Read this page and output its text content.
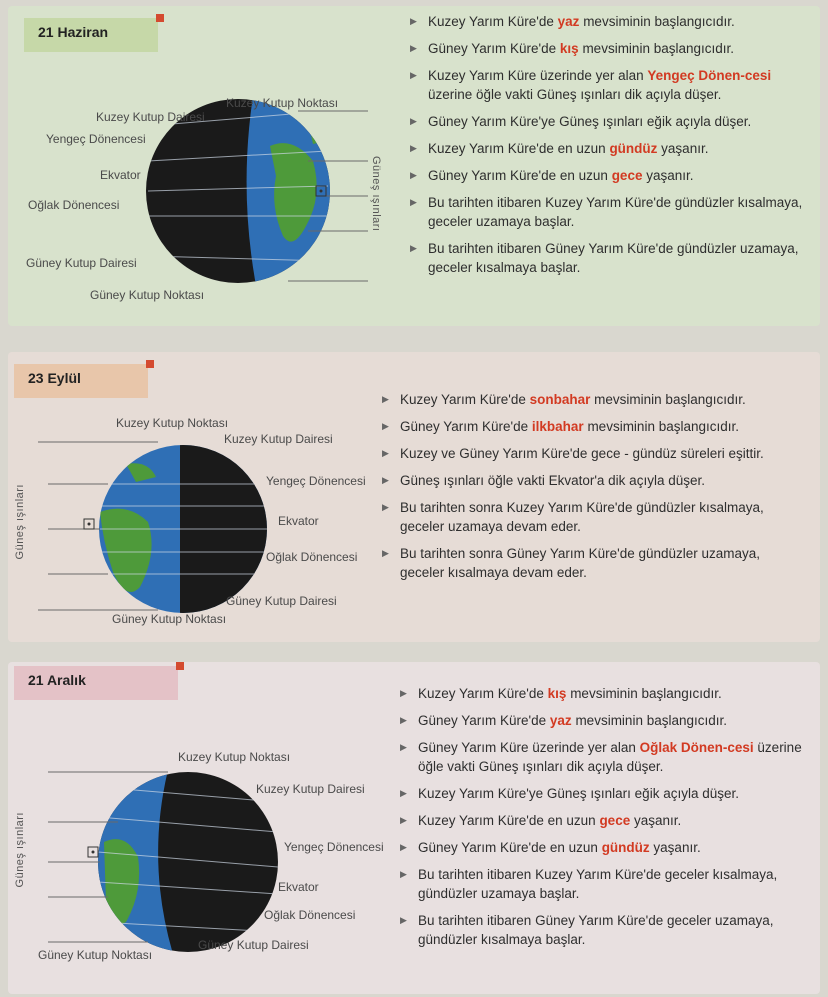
21 Haziran
Kuzey Kutup Noktası
Kuzey Kutup Dairesi
Yengeç Dönencesi
Ekvator
Oğlak Dönencesi
Güney Kutup Dairesi
Güney Kutup Noktası
Güneş ışınları
▶ Kuzey Yarım Küre'de yaz mevsiminin başlangıcıdır.
▶ Güney Yarım Küre'de kış mevsiminin başlangıcıdır.
▶ Kuzey Yarım Küre üzerinde yer alan Yengeç Dönen-cesi üzerine öğle vakti Güneş ışınları dik açıyla düşer.
▶ Güney Yarım Küre'ye Güneş ışınları eğik açıyla düşer.
▶ Kuzey Yarım Küre'de en uzun gündüz yaşanır.
▶ Güney Yarım Küre'de en uzun gece yaşanır.
▶ Bu tarihten itibaren Kuzey Yarım Küre'de gündüzler kısalmaya, geceler uzamaya başlar.
▶ Bu tarihten itibaren Güney Yarım Küre'de gündüzler uzamaya, geceler kısalmaya başlar.
23 Eylül
Kuzey Kutup Noktası
Kuzey Kutup Dairesi
Yengeç Dönencesi
Ekvator
Oğlak Dönencesi
Güney Kutup Dairesi
Güney Kutup Noktası
Güneş ışınları
▶ Kuzey Yarım Küre'de sonbahar mevsiminin başlangıcıdır.
▶ Güney Yarım Küre'de ilkbahar mevsiminin başlangıcıdır.
▶ Kuzey ve Güney Yarım Küre'de gece - gündüz süreleri eşittir.
▶ Güneş ışınları öğle vakti Ekvator'a dik açıyla düşer.
▶ Bu tarihten sonra Kuzey Yarım Küre'de gündüzler kısalmaya, geceler uzamaya devam eder.
▶ Bu tarihten sonra Güney Yarım Küre'de gündüzler uzamaya, geceler kısalmaya devam eder.
21 Aralık
Kuzey Kutup Noktası
Kuzey Kutup Dairesi
Yengeç Dönencesi
Ekvator
Oğlak Dönencesi
Güney Kutup Dairesi
Güney Kutup Noktası
Güneş ışınları
▶ Kuzey Yarım Küre'de kış mevsiminin başlangıcıdır.
▶ Güney Yarım Küre'de yaz mevsiminin başlangıcıdır.
▶ Güney Yarım Küre üzerinde yer alan Oğlak Dönen-cesi üzerine öğle vakti Güneş ışınları dik açıyla düşer.
▶ Kuzey Yarım Küre'ye Güneş ışınları eğik açıyla düşer.
▶ Kuzey Yarım Küre'de en uzun gece yaşanır.
▶ Güney Yarım Küre'de en uzun gündüz yaşanır.
▶ Bu tarihten itibaren Kuzey Yarım Küre'de geceler kısalmaya, gündüzler uzamaya başlar.
▶ Bu tarihten itibaren Güney Yarım Küre'de geceler uzamaya, gündüzler kısalmaya başlar.
